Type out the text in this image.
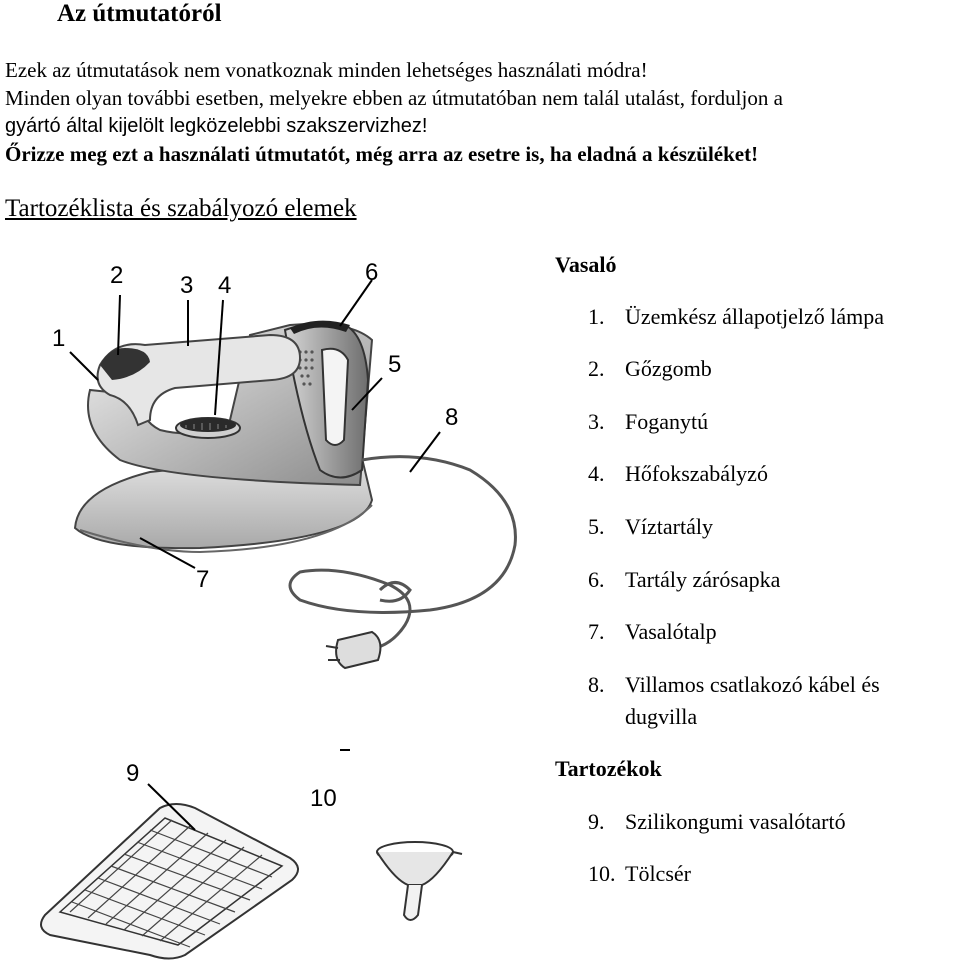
Az útmutatóról
Ezek az útmutatások nem vonatkoznak minden lehetséges használati módra!
Minden olyan további esetben, melyekre ebben az útmutatóban nem talál utalást, forduljon a
gyártó által kijelölt legközelebbi szakszervizhez!
Őrizze meg ezt a használati útmutatót, még arra az esetre is, ha eladná a készüléket!
Tartozéklista és szabályozó elemek
1
2 3 4	6
5
8
7
9
10
Vasaló
1. Üzemkész állapotjelző lámpa
2. Gőzgomb
3. Foganytú
4. Hőfokszabályzó
5. Víztartály
6. Tartály zárósapka
7. Vasalótalp
8. Villamos csatlakozó kábel és
dugvilla
Tartozékok
9. Szilikongumi vasalótartó
10. Tölcsér
